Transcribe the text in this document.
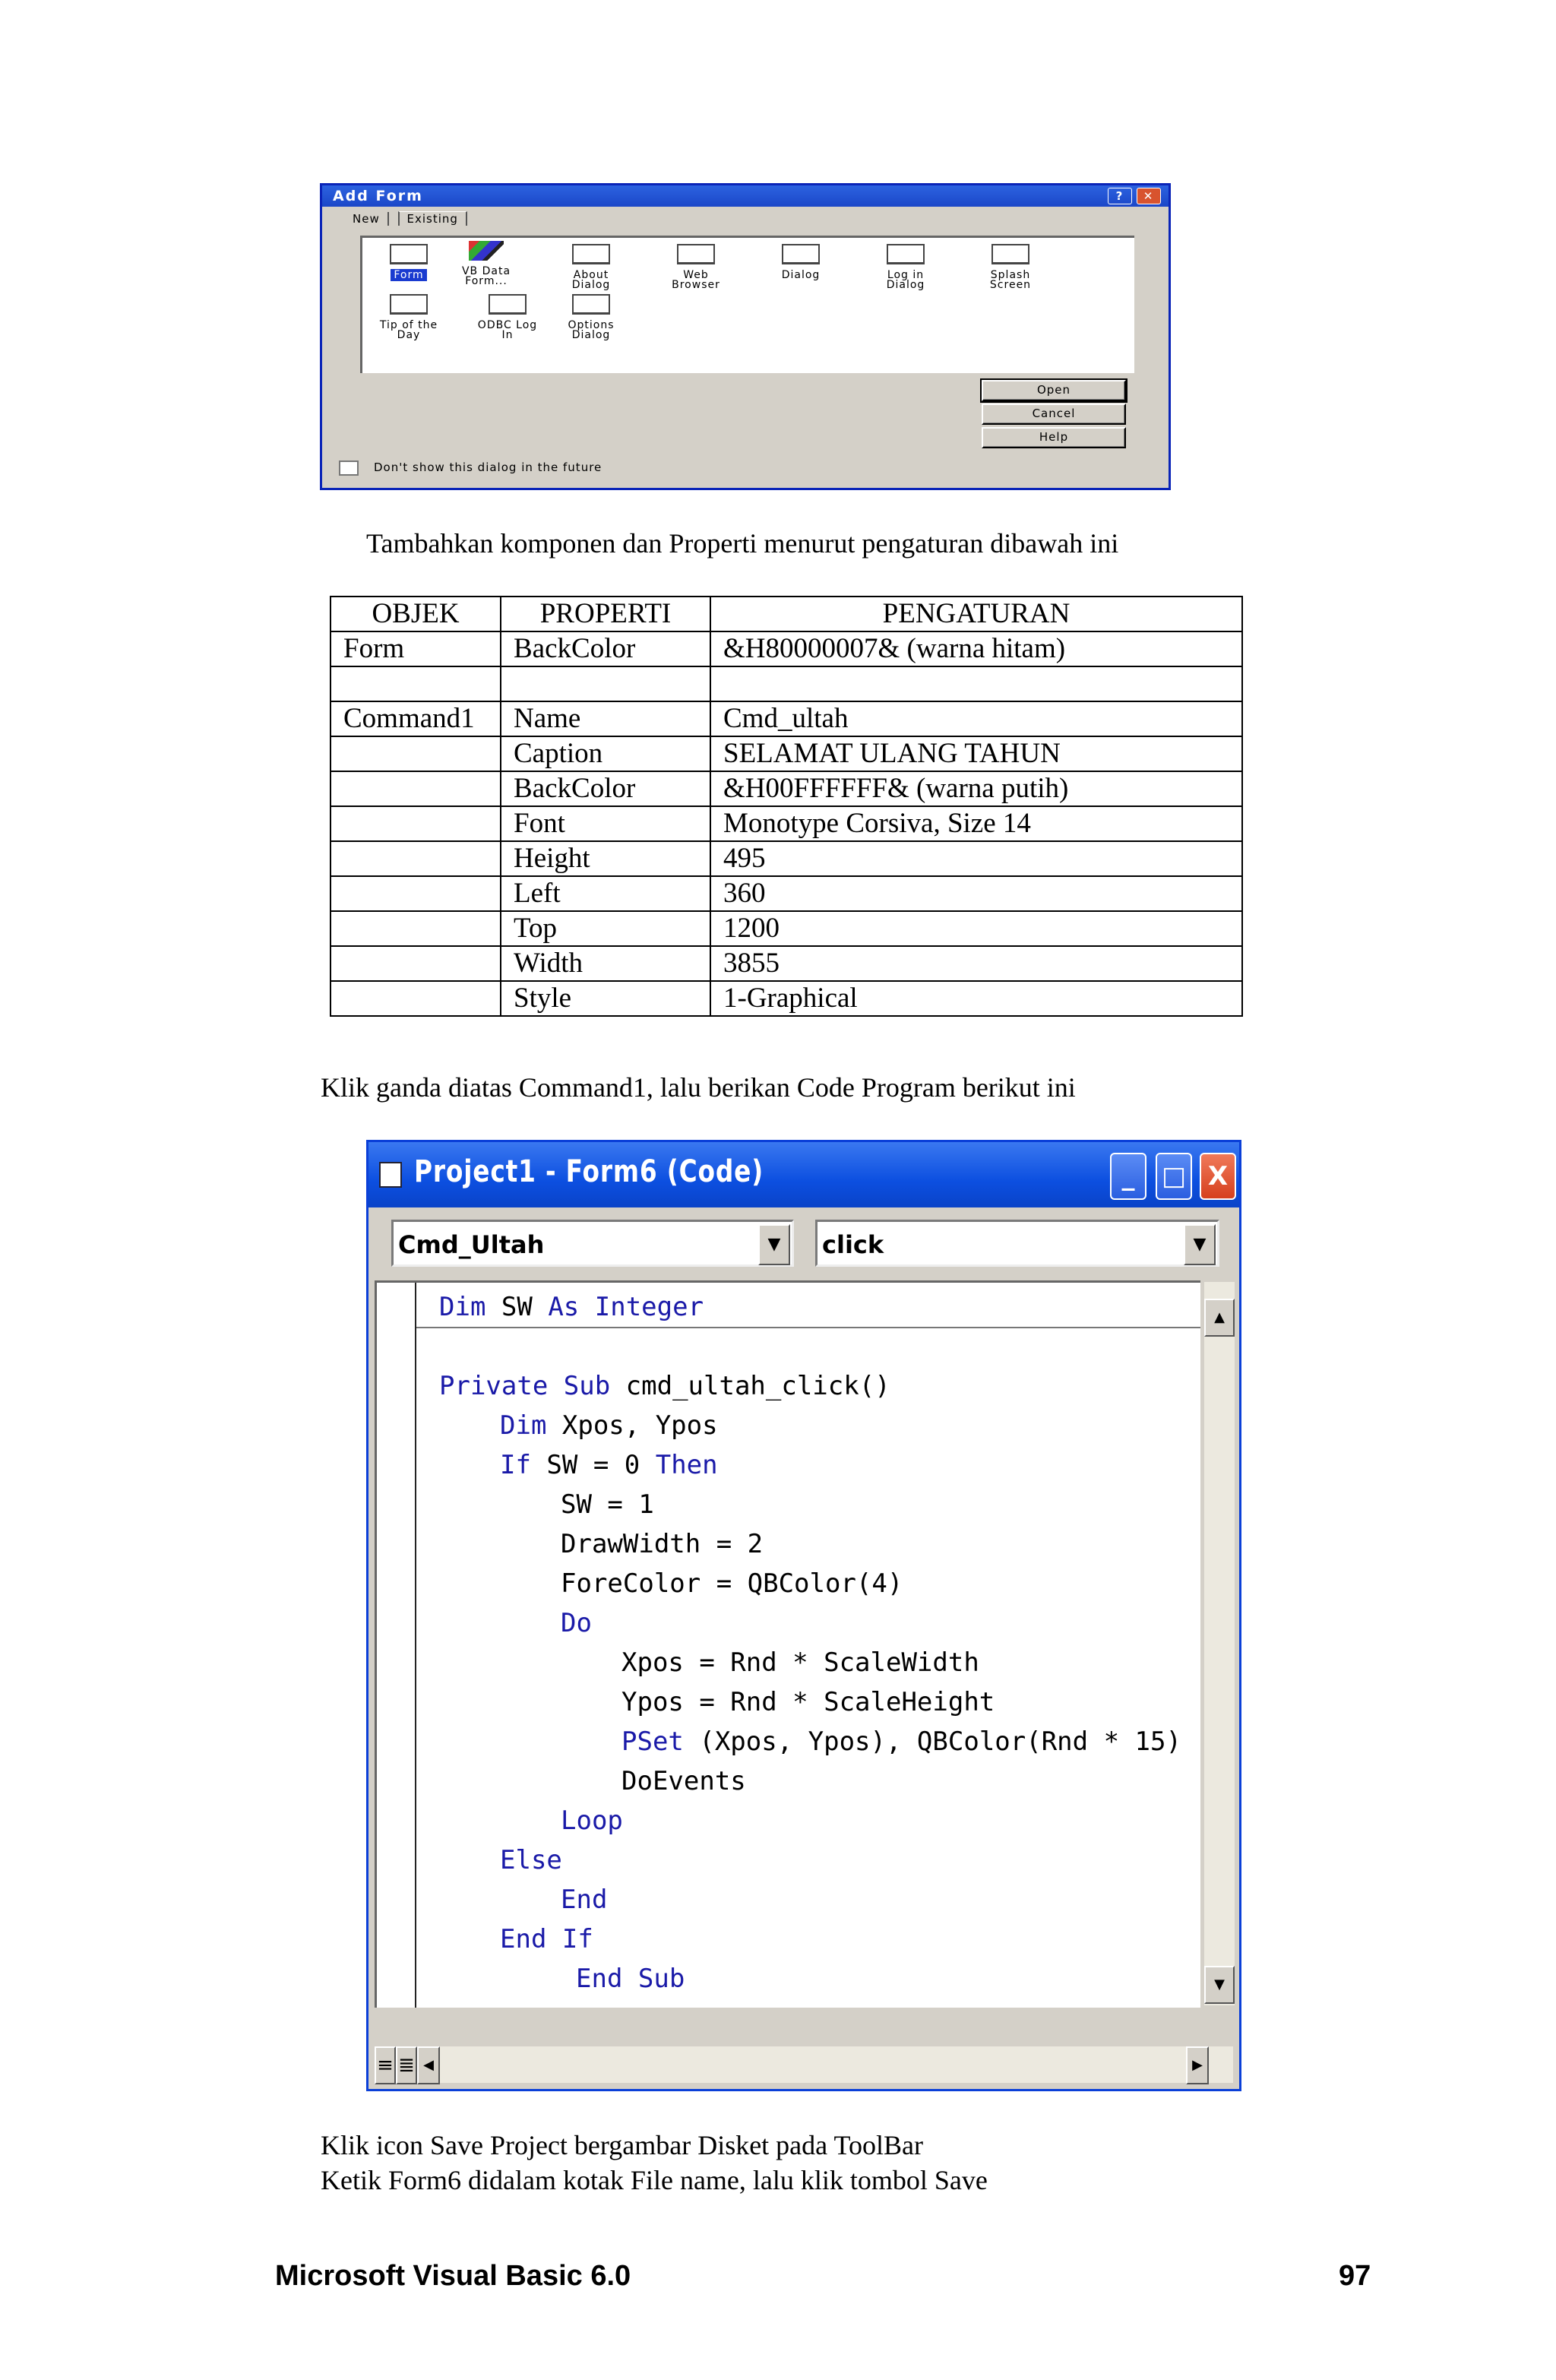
Add Form	?	✕
New Existing
Form	VB Data
Form...	About
Dialog
Web
Browser
Dialog	Log in
Dialog
Splash
Screen
Tip of the
Day
ODBC Log
In
Options
Dialog
Open
Cancel
Help
Don't show this dialog in the future
Tambahkan komponen dan Properti menurut pengaturan dibawah ini
OBJEK	PROPERTI	PENGATURAN
Form	BackColor	&H80000007& (warna hitam)

Command1	Name	Cmd_ultah
	Caption	SELAMAT ULANG TAHUN
	BackColor	&H00FFFFFF& (warna putih)
	Font	Monotype Corsiva, Size 14
	Height	495
	Left	360
	Top	1200
	Width	3855
	Style	1-Graphical
Klik ganda diatas Command1, lalu berikan Code Program berikut ini
Project1 - Form6 (Code)	_	□ X
Cmd_Ultah	▼	click	▼
Dim SW As Integer
Private Sub cmd_ultah_click()
Dim Xpos, Ypos
If SW = 0 Then
SW = 1
DrawWidth = 2
ForeColor = QBColor(4)
Do
Xpos = Rnd * ScaleWidth
Ypos = Rnd * ScaleHeight
PSet (Xpos, Ypos), QBColor(Rnd * 15)
DoEvents
Loop
Else
End
End If
End Sub
▲
▼
≡ ≣ ◀	▶
Klik icon Save Project bergambar Disket pada ToolBar
Ketik Form6 didalam kotak File name, lalu klik tombol Save
Microsoft Visual Basic 6.0	97
